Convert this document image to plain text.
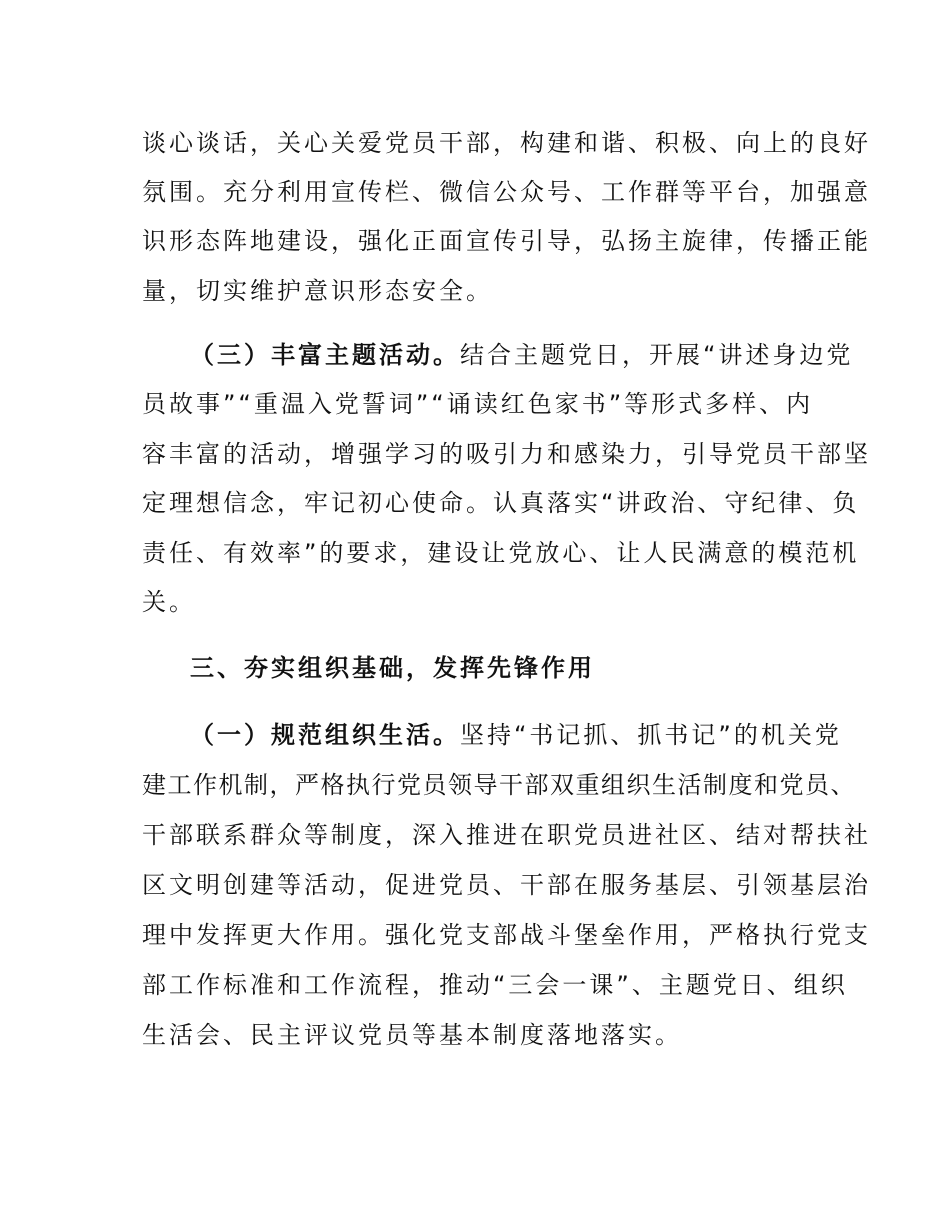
谈心谈话，关心关爱党员干部，构建和谐、积极、向上的良好
氛围。充分利用宣传栏、微信公众号、工作群等平台，加强意
识形态阵地建设，强化正面宣传引导，弘扬主旋律，传播正能
量，切实维护意识形态安全。
（三）丰富主题活动。结合主题党日，开展“讲述身边党
员故事”“重温入党誓词”“诵读红色家书”等形式多样、内
容丰富的活动，增强学习的吸引力和感染力，引导党员干部坚
定理想信念，牢记初心使命。认真落实“讲政治、守纪律、负
责任、有效率”的要求，建设让党放心、让人民满意的模范机
关。
三、夯实组织基础，发挥先锋作用
（一）规范组织生活。坚持“书记抓、抓书记”的机关党
建工作机制，严格执行党员领导干部双重组织生活制度和党员、
干部联系群众等制度，深入推进在职党员进社区、结对帮扶社
区文明创建等活动，促进党员、干部在服务基层、引领基层治
理中发挥更大作用。强化党支部战斗堡垒作用，严格执行党支
部工作标准和工作流程，推动“三会一课”、主题党日、组织
生活会、民主评议党员等基本制度落地落实。
